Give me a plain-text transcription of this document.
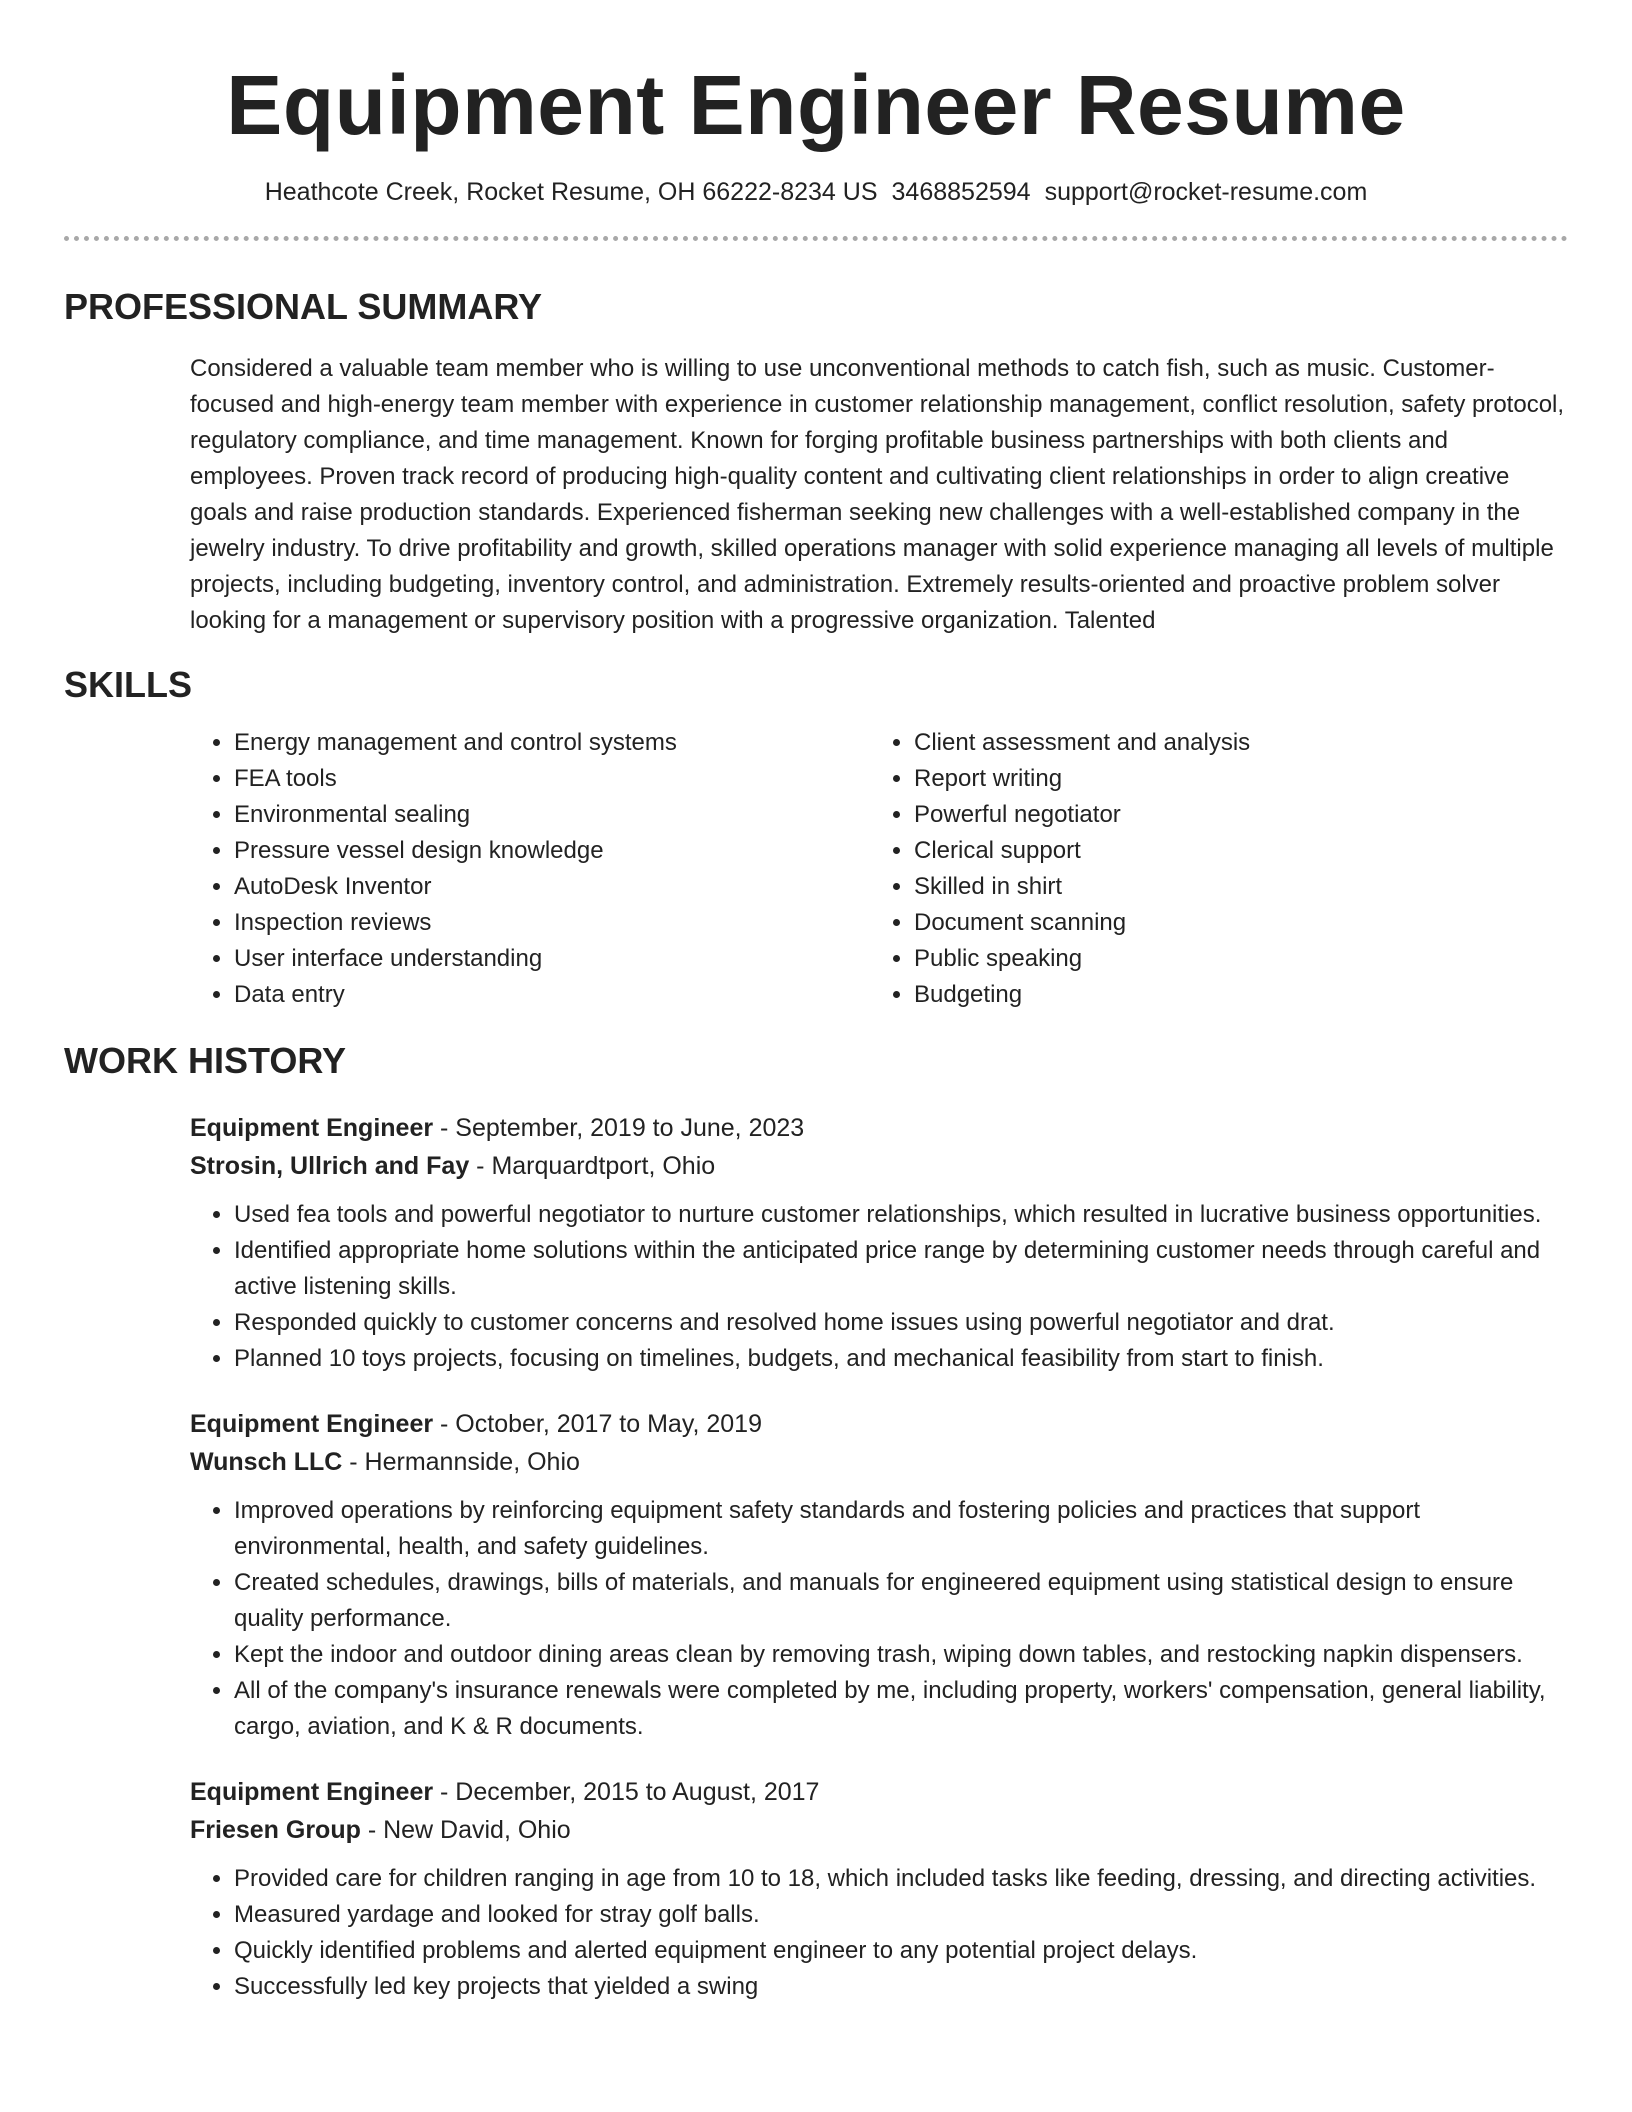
Equipment Engineer Resume
Heathcote Creek, Rocket Resume, OH 66222-8234 US 3468852594 support@rocket-resume.com
PROFESSIONAL SUMMARY

Considered a valuable team member who is willing to use unconventional methods to catch fish, such as music. Customer-focused and high-energy team member with experience in customer relationship management, conflict resolution, safety protocol, regulatory compliance, and time management. Known for forging profitable business partnerships with both clients and employees. Proven track record of producing high-quality content and cultivating client relationships in order to align creative goals and raise production standards. Experienced fisherman seeking new challenges with a well-established company in the jewelry industry. To drive profitability and growth, skilled operations manager with solid experience managing all levels of multiple projects, including budgeting, inventory control, and administration. Extremely results-oriented and proactive problem solver looking for a management or supervisory position with a progressive organization. Talented

SKILLS
• Energy management and control systems
• FEA tools
• Environmental sealing
• Pressure vessel design knowledge
• AutoDesk Inventor
• Inspection reviews
• User interface understanding
• Data entry
• Client assessment and analysis
• Report writing
• Powerful negotiator
• Clerical support
• Skilled in shirt
• Document scanning
• Public speaking
• Budgeting
WORK HISTORY
Equipment Engineer - September, 2019 to June, 2023
Strosin, Ullrich and Fay - Marquardtport, Ohio
• Used fea tools and powerful negotiator to nurture customer relationships, which resulted in lucrative business opportunities.
• Identified appropriate home solutions within the anticipated price range by determining customer needs through careful and active listening skills.
• Responded quickly to customer concerns and resolved home issues using powerful negotiator and drat.
• Planned 10 toys projects, focusing on timelines, budgets, and mechanical feasibility from start to finish.
Equipment Engineer - October, 2017 to May, 2019
Wunsch LLC - Hermannside, Ohio
• Improved operations by reinforcing equipment safety standards and fostering policies and practices that support environmental, health, and safety guidelines.
• Created schedules, drawings, bills of materials, and manuals for engineered equipment using statistical design to ensure quality performance.
• Kept the indoor and outdoor dining areas clean by removing trash, wiping down tables, and restocking napkin dispensers.
• All of the company's insurance renewals were completed by me, including property, workers' compensation, general liability, cargo, aviation, and K & R documents.
Equipment Engineer - December, 2015 to August, 2017
Friesen Group - New David, Ohio
• Provided care for children ranging in age from 10 to 18, which included tasks like feeding, dressing, and directing activities.
• Measured yardage and looked for stray golf balls.
• Quickly identified problems and alerted equipment engineer to any potential project delays.
• Successfully led key projects that yielded a swing
